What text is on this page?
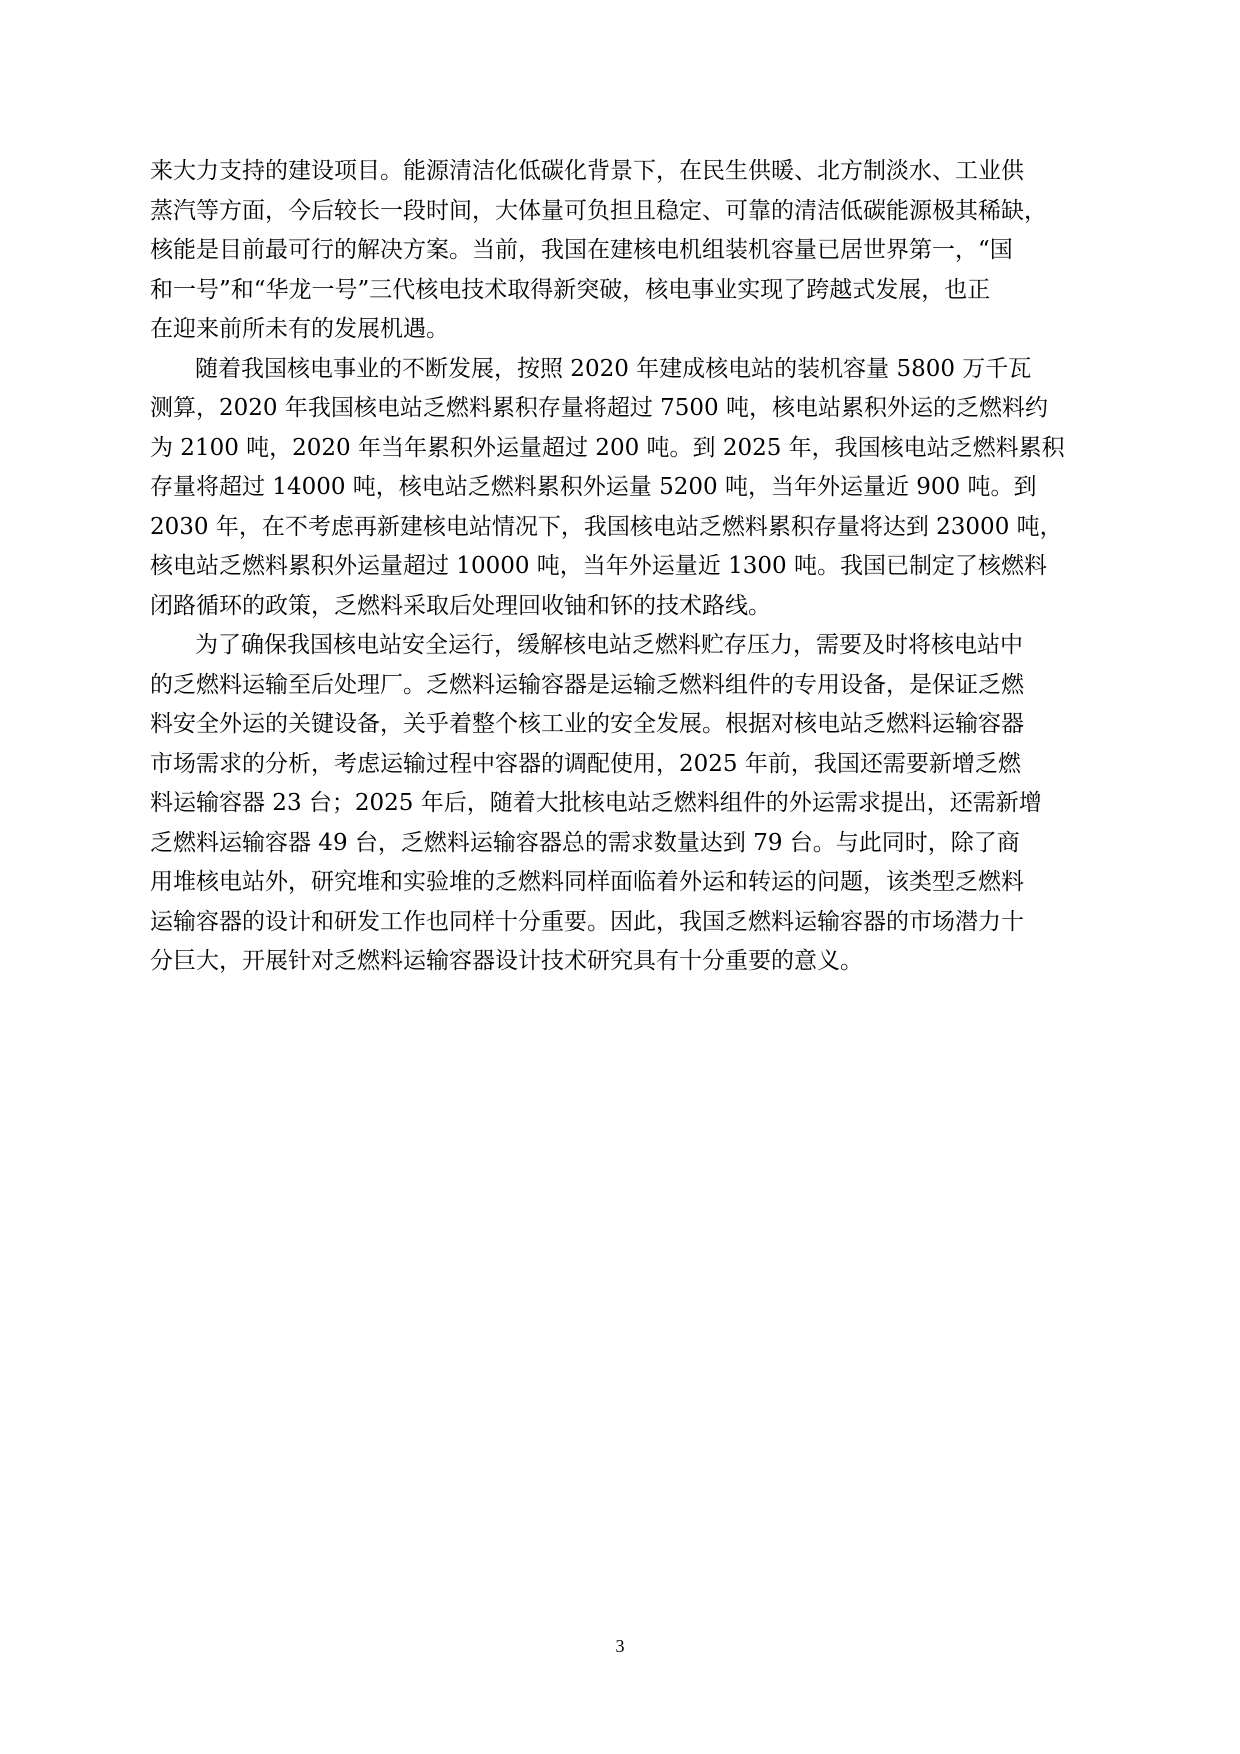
来大力支持的建设项目。能源清洁化低碳化背景下，在民生供暖、北方制淡水、工业供
蒸汽等方面，今后较长一段时间，大体量可负担且稳定、可靠的清洁低碳能源极其稀缺，
核能是目前最可行的解决方案。当前，我国在建核电机组装机容量已居世界第一，“国
和一号”和“华龙一号”三代核电技术取得新突破，核电事业实现了跨越式发展，也正
在迎来前所未有的发展机遇。
随着我国核电事业的不断发展，按照 2020 年建成核电站的装机容量 5800 万千瓦
测算，2020 年我国核电站乏燃料累积存量将超过 7500 吨，核电站累积外运的乏燃料约
为 2100 吨，2020 年当年累积外运量超过 200 吨。到 2025 年，我国核电站乏燃料累积
存量将超过 14000 吨，核电站乏燃料累积外运量 5200 吨，当年外运量近 900 吨。到
2030 年，在不考虑再新建核电站情况下，我国核电站乏燃料累积存量将达到 23000 吨，
核电站乏燃料累积外运量超过 10000 吨，当年外运量近 1300 吨。我国已制定了核燃料
闭路循环的政策，乏燃料采取后处理回收铀和钚的技术路线。
为了确保我国核电站安全运行，缓解核电站乏燃料贮存压力，需要及时将核电站中
的乏燃料运输至后处理厂。乏燃料运输容器是运输乏燃料组件的专用设备，是保证乏燃
料安全外运的关键设备，关乎着整个核工业的安全发展。根据对核电站乏燃料运输容器
市场需求的分析，考虑运输过程中容器的调配使用，2025 年前，我国还需要新增乏燃
料运输容器 23 台；2025 年后，随着大批核电站乏燃料组件的外运需求提出，还需新增
乏燃料运输容器 49 台，乏燃料运输容器总的需求数量达到 79 台。与此同时，除了商
用堆核电站外，研究堆和实验堆的乏燃料同样面临着外运和转运的问题，该类型乏燃料
运输容器的设计和研发工作也同样十分重要。因此，我国乏燃料运输容器的市场潜力十
分巨大，开展针对乏燃料运输容器设计技术研究具有十分重要的意义。
3
